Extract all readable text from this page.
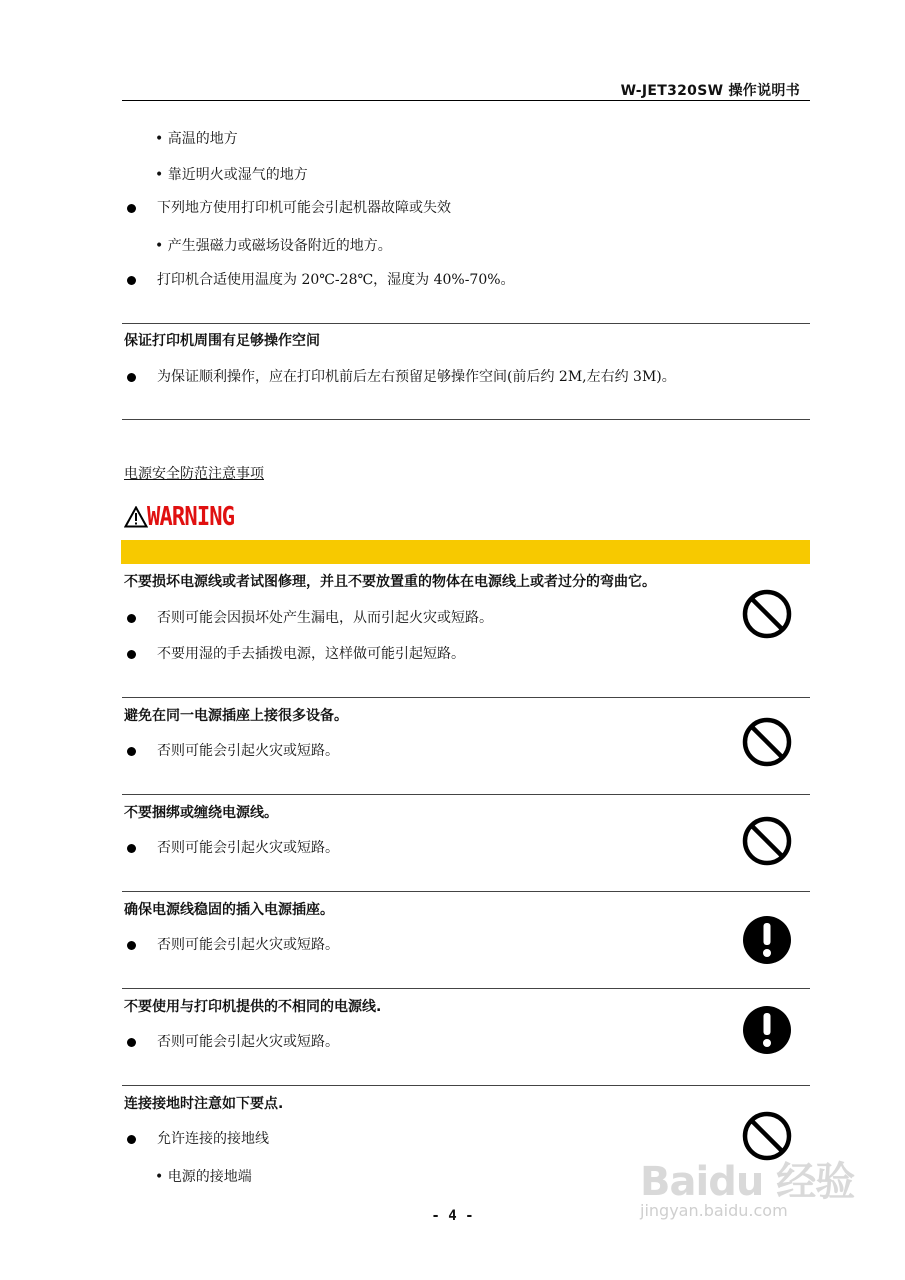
W-JET320SW 操作说明书
• 高温的地方
• 靠近明火或湿气的地方
下列地方使用打印机可能会引起机器故障或失效
• 产生强磁力或磁场设备附近的地方。
打印机合适使用温度为 20℃-28℃，湿度为 40%-70%。
保证打印机周围有足够操作空间
为保证顺利操作，应在打印机前后左右预留足够操作空间(前后约 2M,左右约 3M)。
电源安全防范注意事项
WARNING
不要损坏电源线或者试图修理，并且不要放置重的物体在电源线上或者过分的弯曲它。
否则可能会因损坏处产生漏电，从而引起火灾或短路。
不要用湿的手去插拨电源，这样做可能引起短路。
避免在同一电源插座上接很多设备。
否则可能会引起火灾或短路。
不要捆绑或缠绕电源线。
否则可能会引起火灾或短路。
确保电源线稳固的插入电源插座。
否则可能会引起火灾或短路。
不要使用与打印机提供的不相同的电源线.
否则可能会引起火灾或短路。
连接接地时注意如下要点.
允许连接的接地线
• 电源的接地端
- 4 -
Baidu 经验
jingyan.baidu.com
